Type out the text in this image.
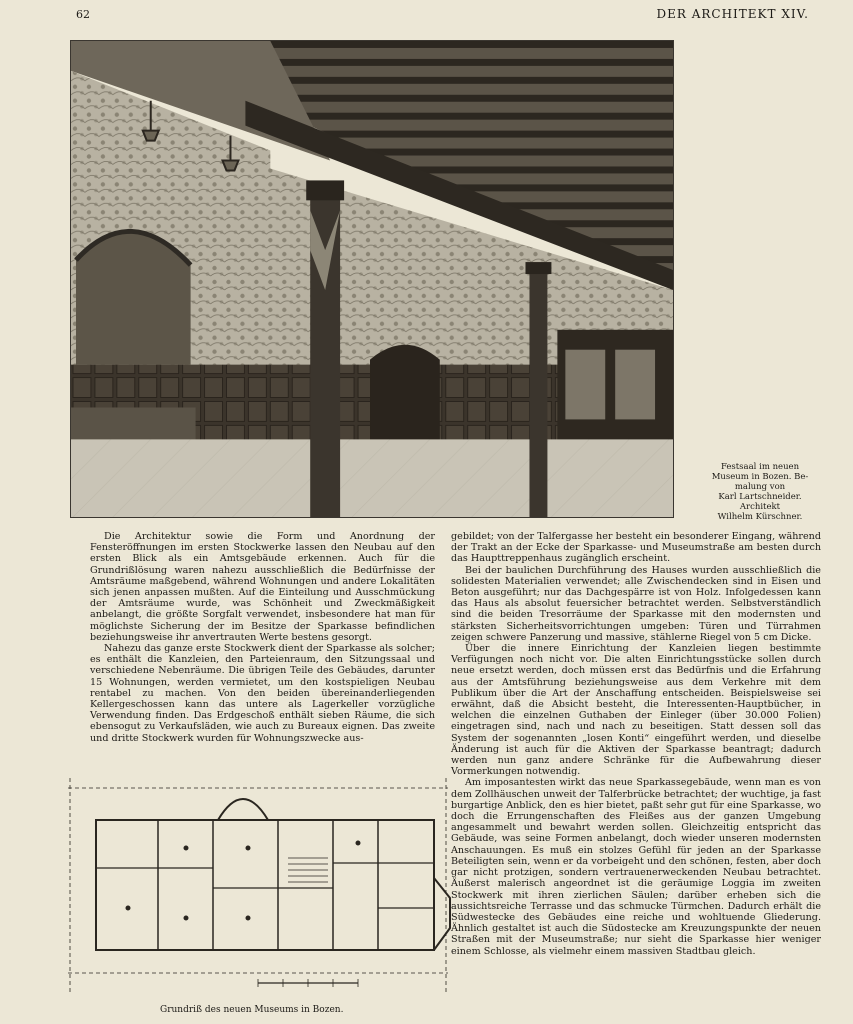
62	DER ARCHITEKT XIV.
Festsaal im neuen
Museum in Bozen. Be-
malung von
Karl Lartschneider.
Architekt
Wilhelm Kürschner.

Die Architektur sowie die Form und Anordnung der Fensteröffnungen im ersten Stockwerke lassen den Neubau auf den ersten Blick als ein Amtsgebäude erkennen. Auch für die Grundrißlösung waren nahezu ausschließlich die Bedürfnisse der Amtsräume maßgebend, während Wohnungen und andere Lokalitäten sich jenen anpassen mußten. Auf die Einteilung und Ausschmückung der Amtsräume wurde, was Schönheit und Zweckmäßigkeit anbelangt, die größte Sorgfalt verwendet, insbesondere hat man für möglichste Sicherung der im Besitze der Sparkasse befindlichen beziehungsweise ihr anvertrauten Werte bestens gesorgt.

Nahezu das ganze erste Stockwerk dient der Sparkasse als solcher; es enthält die Kanzleien, den Parteienraum, den Sitzungssaal und verschiedene Nebenräume. Die übrigen Teile des Gebäudes, darunter 15 Wohnungen, werden vermietet, um den kostspieligen Neubau rentabel zu machen. Von den beiden übereinanderliegenden Kellergeschossen kann das untere als Lagerkeller vorzügliche Verwendung finden. Das Erdgeschoß enthält sieben Räume, die sich ebensogut zu Verkaufsläden, wie auch zu Bureaux eignen. Das zweite und dritte Stockwerk wurden für Wohnungszwecke aus-

gebildet; von der Talfergasse her besteht ein besonderer Eingang, während der Trakt an der Ecke der Sparkasse- und Museumstraße am besten durch das Haupttreppenhaus zugänglich erscheint.

Bei der baulichen Durchführung des Hauses wurden ausschließlich die solidesten Materialien verwendet; alle Zwischendecken sind in Eisen und Beton ausgeführt; nur das Dachgespärre ist von Holz. Infolgedessen kann das Haus als absolut feuersicher betrachtet werden. Selbstverständlich sind die beiden Tresorräume der Sparkasse mit den modernsten und stärksten Sicherheitsvorrichtungen umgeben: Türen und Türrahmen zeigen schwere Panzerung und massive, stählerne Riegel von 5 cm Dicke.

Über die innere Einrichtung der Kanzleien liegen bestimmte Verfügungen noch nicht vor. Die alten Einrichtungsstücke sollen durch neue ersetzt werden, doch müssen erst das Bedürfnis und die Erfahrung aus der Amtsführung beziehungsweise aus dem Verkehre mit dem Publikum über die Art der Anschaffung entscheiden. Beispielsweise sei erwähnt, daß die Absicht besteht, die Interessenten-Hauptbücher, in welchen die einzelnen Guthaben der Einleger (über 30.000 Folien) eingetragen sind, nach und nach zu beseitigen. Statt dessen soll das System der sogenannten „losen Konti“ eingeführt werden, und dieselbe Änderung ist auch für die Aktiven der Sparkasse beantragt; dadurch werden nun ganz andere Schränke für die Aufbewahrung dieser Vormerkungen notwendig.

Am imposantesten wirkt das neue Sparkassegebäude, wenn man es von dem Zollhäuschen unweit der Talferbrücke betrachtet; der wuchtige, ja fast burgartige Anblick, den es hier bietet, paßt sehr gut für eine Sparkasse, wo doch die Errungenschaften des Fleißes aus der ganzen Umgebung angesammelt und bewahrt werden sollen. Gleichzeitig entspricht das Gebäude, was seine Formen anbelangt, doch wieder unseren modernsten Anschauungen. Es muß ein stolzes Gefühl für jeden an der Sparkasse Beteiligten sein, wenn er da vorbeigeht und den schönen, festen, aber doch gar nicht protzigen, sondern vertrauenerweckenden Neubau betrachtet. Äußerst malerisch angeordnet ist die geräumige Loggia im zweiten Stockwerk mit ihren zierlichen Säulen; darüber erheben sich die aussichtsreiche Terrasse und das schmucke Türmchen. Dadurch erhält die Südwestecke des Gebäudes eine reiche und wohltuende Gliederung. Ähnlich gestaltet ist auch die Südostecke am Kreuzungspunkte der neuen Straßen mit der Museumstraße; nur sieht die Sparkasse hier weniger einem Schlosse, als vielmehr einem massiven Stadtbau gleich.

Grundriß des neuen Museums in Bozen.
